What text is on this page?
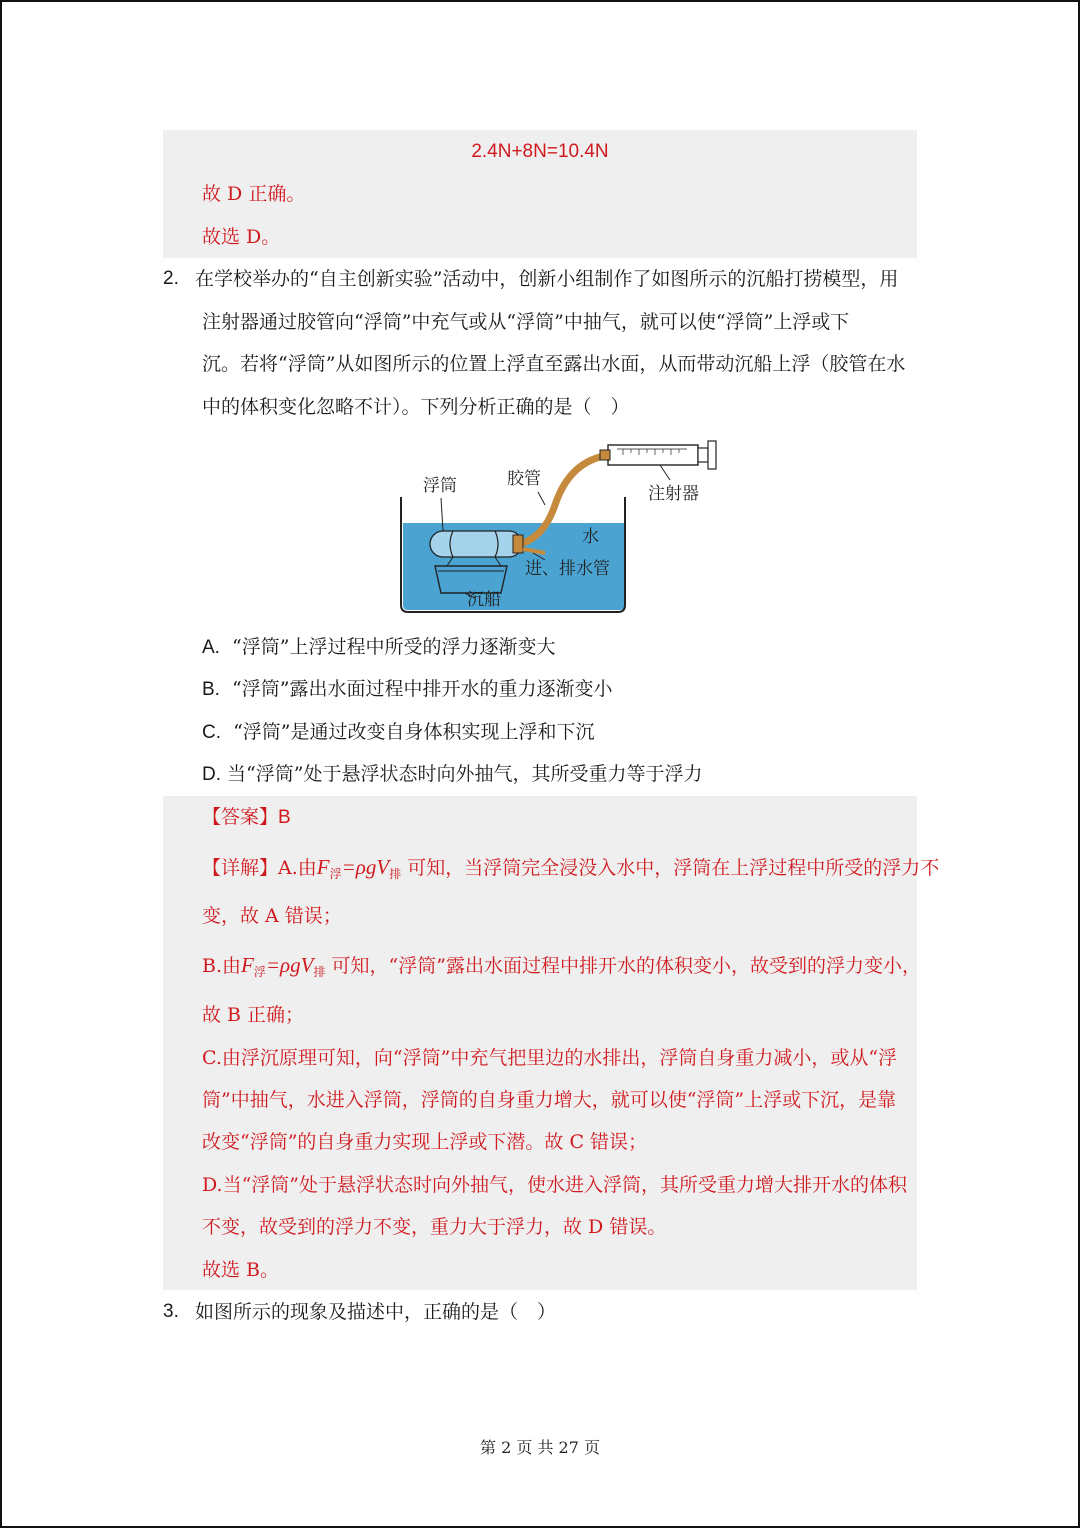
2.4N+8N=10.4N
故 D 正确。
故选 D。
2. 在学校举办的“自主创新实验”活动中，创新小组制作了如图所示的沉船打捞模型，用
注射器通过胶管向“浮筒”中充气或从“浮筒”中抽气，就可以使“浮筒”上浮或下
沉。若将“浮筒”从如图所示的位置上浮直至露出水面，从而带动沉船上浮（胶管在水
中的体积变化忽略不计）。下列分析正确的是（　）
浮筒	胶管
注射器
水
进、排水管
沉船
A. “浮筒”上浮过程中所受的浮力逐渐变大
B. “浮筒”露出水面过程中排开水的重力逐渐变小
C. “浮筒”是通过改变自身体积实现上浮和下沉
D. 当“浮筒”处于悬浮状态时向外抽气，其所受重力等于浮力
【答案】B
【详解】A.由$F_浮=\rho gV_排$ 可知，当浮筒完全浸没入水中，浮筒在上浮过程中所受的浮力不
变，故 A 错误；
B.由$F_浮=\rho gV_排$ 可知，“浮筒”露出水面过程中排开水的体积变小，故受到的浮力变小，
故 B 正确；
C.由浮沉原理可知，向“浮筒”中充气把里边的水排出，浮筒自身重力减小，或从“浮
筒”中抽气，水进入浮筒，浮筒的自身重力增大，就可以使“浮筒”上浮或下沉，是靠
改变“浮筒”的自身重力实现上浮或下潜。故 C 错误；
D.当“浮筒”处于悬浮状态时向外抽气，使水进入浮筒，其所受重力增大排开水的体积
不变，故受到的浮力不变，重力大于浮力，故 D 错误。
故选 B。
3. 如图所示的现象及描述中，正确的是（　）
第 2 页 共 27 页
